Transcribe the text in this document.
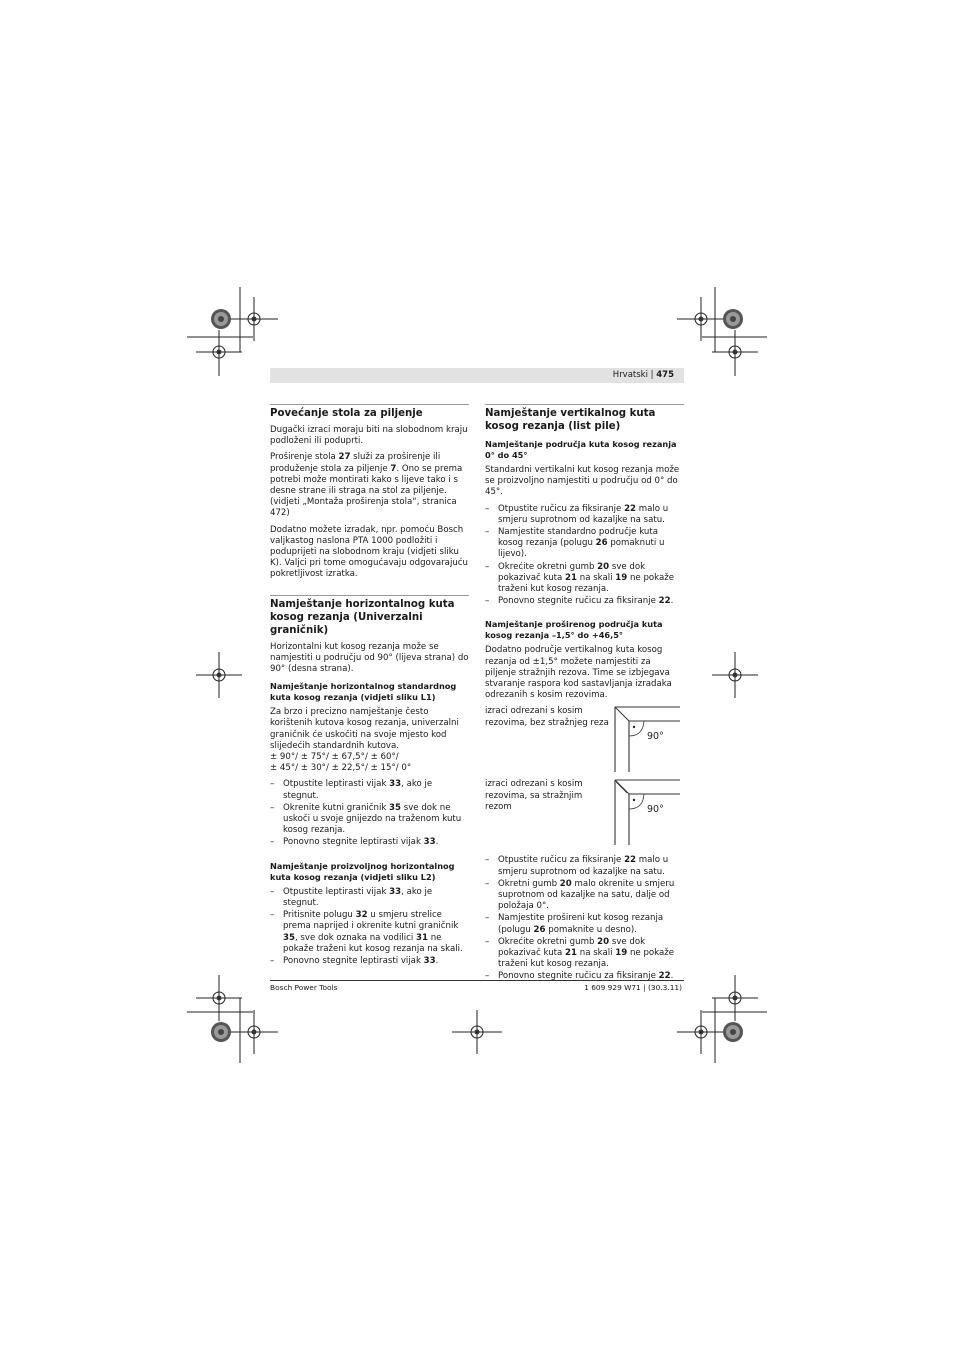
Hrvatski | 475
Povećanje stola za piljenje

Dugački izraci moraju biti na slobodnom kraju podloženi ili poduprti.

Proširenje stola 27 služi za proširenje ili produženje stola za piljenje 7. Ono se prema potrebi može montirati kako s lijeve tako i s desne strane ili straga na stol za piljenje. (vidjeti „Montaža proširenja stola“, stranica 472)

Dodatno možete izradak, npr. pomoću Bosch valjkastog naslona PTA 1000 podložiti i poduprijeti na slobodnom kraju (vidjeti sliku K). Valjci pri tome omogućavaju odgovarajuću pokretljivost izratka.

Namještanje horizontalnog kuta kosog rezanja (Univerzalni graničnik)

Horizontalni kut kosog rezanja može se namjestiti u području od 90° (lijeva strana) do 90° (desna strana).

Namještanje horizontalnog standardnog kuta kosog rezanja (vidjeti sliku L1)

Za brzo i precizno namještanje često korištenih kutova kosog rezanja, univerzalni graničnik će uskočiti na svoje mjesto kod slijedećih standardnih kutova.

± 90°/ ± 75°/ ± 67,5°/ ± 60°/
± 45°/ ± 30°/ ± 22,5°/ ± 15°/ 0°
– Otpustite leptirasti vijak 33, ako je stegnut.
– Okrenite kutni graničnik 35 sve dok ne uskoči u svoje gnijezdo na traženom kutu kosog rezanja.
– Ponovno stegnite leptirasti vijak 33.
Namještanje proizvoljnog horizontalnog kuta kosog rezanja (vidjeti sliku L2)
– Otpustite leptirasti vijak 33, ako je stegnut.
– Pritisnite polugu 32 u smjeru strelice prema naprijed i okrenite kutni graničnik 35, sve dok oznaka na vodilici 31 ne pokaže traženi kut kosog rezanja na skali.
– Ponovno stegnite leptirasti vijak 33.
Namještanje vertikalnog kuta kosog rezanja (list pile)
Namještanje područja kuta kosog rezanja 0° do 45°

Standardni vertikalni kut kosog rezanja može se proizvoljno namjestiti u području od 0° do 45°.

– Otpustite ručicu za fiksiranje 22 malo u smjeru suprotnom od kazaljke na satu.
– Namjestite standardno područje kuta kosog rezanja (polugu 26 pomaknuti u lijevo).
– Okrećite okretni gumb 20 sve dok pokazivač kuta 21 na skali 19 ne pokaže traženi kut kosog rezanja.
– Ponovno stegnite ručicu za fiksiranje 22.
Namještanje proširenog područja kuta kosog rezanja –1,5° do +46,5°

Dodatno područje vertikalnog kuta kosog rezanja od ±1,5° možete namjestiti za piljenje stražnjih rezova. Time se izbjegava stvaranje raspora kod sastavljanja izradaka odrezanih s kosim rezovima.

izraci odrezani s kosim rezovima, bez stražnjeg reza
90°
izraci odrezani s kosim rezovima, sa stražnjim rezom	90°
– Otpustite ručicu za fiksiranje 22 malo u smjeru suprotnom od kazaljke na satu.
– Okretni gumb 20 malo okrenite u smjeru suprotnom od kazaljke na satu, dalje od položaja 0°.
– Namjestite prošireni kut kosog rezanja (polugu 26 pomaknite u desno).
– Okrećite okretni gumb 20 sve dok pokazivač kuta 21 na skali 19 ne pokaže traženi kut kosog rezanja.
– Ponovno stegnite ručicu za fiksiranje 22.
Bosch Power Tools	1 609 929 W71 | (30.3.11)
